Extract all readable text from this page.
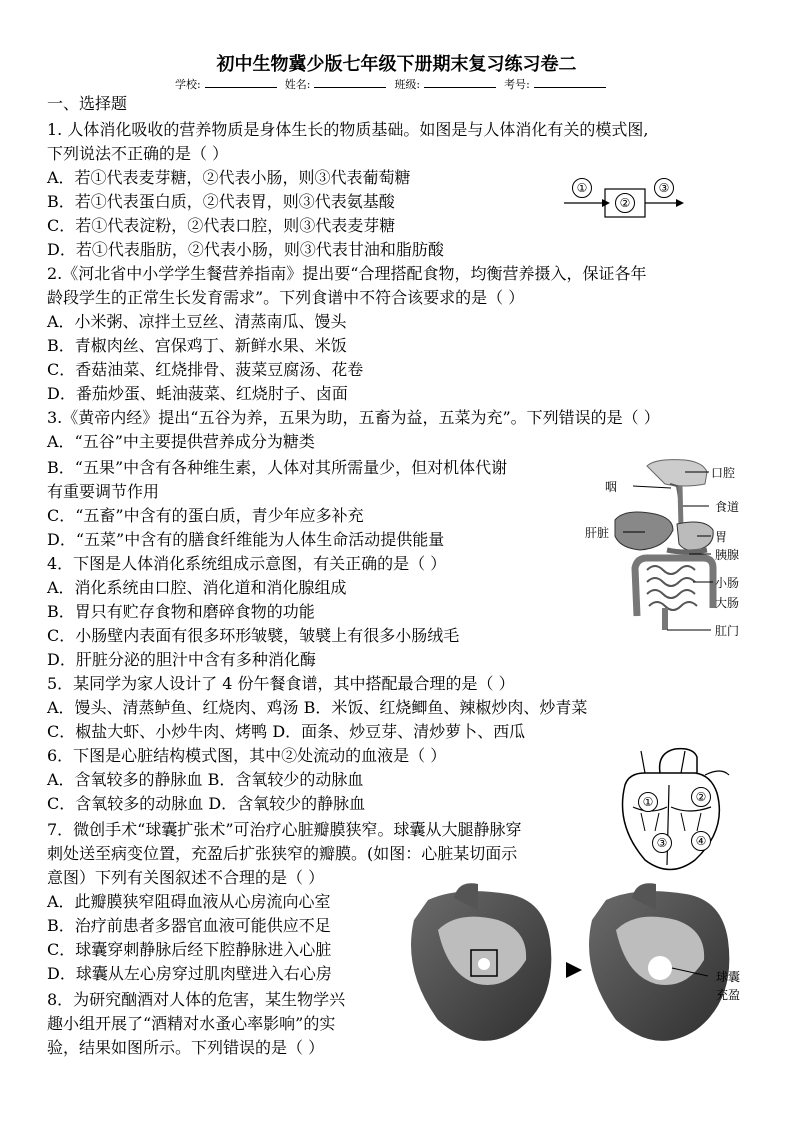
初中生物冀少版七年级下册期末复习练习卷二
学校:	姓名:	班级:	考号:
一、选择题
1. 人体消化吸收的营养物质是身体生长的物质基础。如图是与人体消化有关的模式图,
下列说法不正确的是（ ）
A．若①代表麦芽糖，②代表小肠，则③代表葡萄糖
B．若①代表蛋白质，②代表胃，则③代表氨基酸
C．若①代表淀粉，②代表口腔，则③代表麦芽糖
D．若①代表脂肪，②代表小肠，则③代表甘油和脂肪酸
2.《河北省中小学学生餐营养指南》提出要“合理搭配食物，均衡营养摄入，保证各年
龄段学生的正常生长发育需求”。下列食谱中不符合该要求的是（ ）
A．小米粥、凉拌土豆丝、清蒸南瓜、馒头
B．青椒肉丝、宫保鸡丁、新鲜水果、米饭
C．香菇油菜、红烧排骨、菠菜豆腐汤、花卷
D．番茄炒蛋、蚝油菠菜、红烧肘子、卤面
3.《黄帝内经》提出“五谷为养，五果为助，五畜为益，五菜为充”。下列错误的是（ ）
A．“五谷”中主要提供营养成分为糖类
B．“五果”中含有各种维生素，人体对其所需量少，但对机体代谢
有重要调节作用
C．“五畜”中含有的蛋白质，青少年应多补充
D．“五菜”中含有的膳食纤维能为人体生命活动提供能量
4．下图是人体消化系统组成示意图，有关正确的是（ ）
A．消化系统由口腔、消化道和消化腺组成
B．胃只有贮存食物和磨碎食物的功能
C．小肠壁内表面有很多环形皱襞，皱襞上有很多小肠绒毛
D．肝脏分泌的胆汁中含有多种消化酶
5．某同学为家人设计了 4 份午餐食谱，其中搭配最合理的是（ ）
A．馒头、清蒸鲈鱼、红烧肉、鸡汤 B．米饭、红烧鲫鱼、辣椒炒肉、炒青菜
C．椒盐大虾、小炒牛肉、烤鸭 D．面条、炒豆芽、清炒萝卜、西瓜
6．下图是心脏结构模式图，其中②处流动的血液是（ ）
A．含氧较多的静脉血 B．含氧较少的动脉血
C．含氧较多的动脉血 D．含氧较少的静脉血
7．微创手术“球囊扩张术”可治疗心脏瓣膜狭窄。球囊从大腿静脉穿
刺处送至病变位置，充盈后扩张狭窄的瓣膜。(如图：心脏某切面示
意图）下列有关图叙述不合理的是（ ）
A．此瓣膜狭窄阻碍血液从心房流向心室
B．治疗前患者多器官血液可能供应不足
C．球囊穿刺静脉后经下腔静脉进入心脏
D．球囊从左心房穿过肌肉壁进入右心房
8．为研究酗酒对人体的危害，某生物学兴
趣小组开展了“酒精对水蚤心率影响”的实
验，结果如图所示。下列错误的是（ ）
①
②
③
口腔
咽
食道
肝脏	胃
胰腺
小肠
大肠
肛门
①	②
③	④
球囊
充盈
